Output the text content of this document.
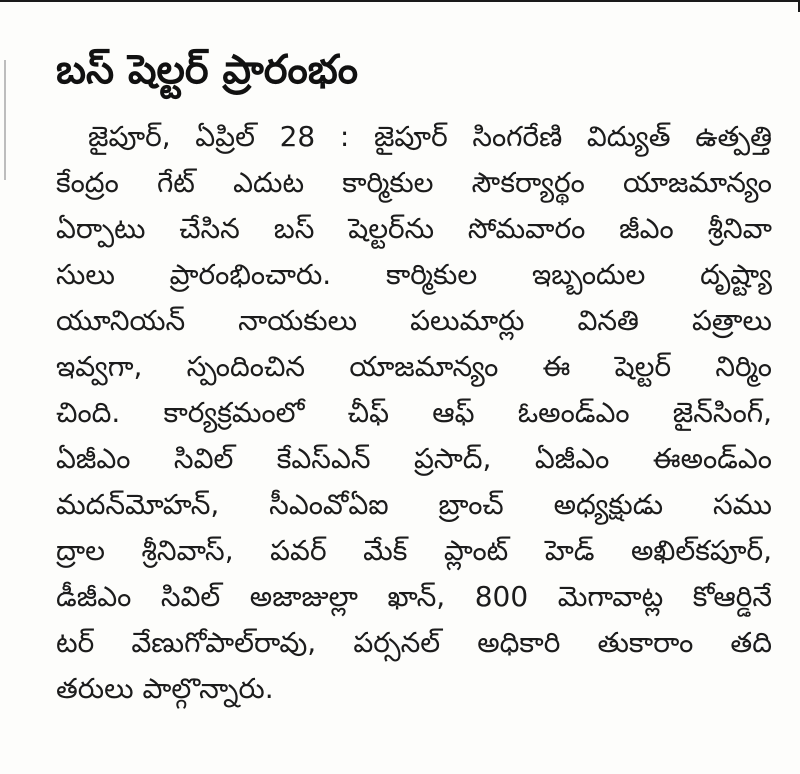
బస్ షెల్టర్ ప్రారంభం
జైపూర్, ఏప్రిల్ 28 : జైపూర్ సింగరేణి విద్యుత్ ఉత్పత్తి
కేంద్రం గేట్ ఎదుట కార్మికుల సౌకర్యార్థం యాజమాన్యం
ఏర్పాటు చేసిన బస్ షెల్టర్‌ను సోమవారం జీఎం శ్రీనివా
సులు ప్రారంభించారు. కార్మికుల ఇబ్బందుల దృష్ట్యా
యూనియన్ నాయకులు పలుమార్లు వినతి పత్రాలు
ఇవ్వగా, స్పందించిన యాజమాన్యం ఈ షెల్టర్ నిర్మిం
చింది. కార్యక్రమంలో చీఫ్ ఆఫ్ ఓఅండ్ఎం జైన్‌సింగ్,
ఏజీఎం సివిల్ కేఎస్ఎన్ ప్రసాద్, ఏజీఎం ఈఅండ్ఎం
మదన్‌మోహన్, సీఎంవోఏఐ బ్రాంచ్ అధ్యక్షుడు సము
ద్రాల శ్రీనివాస్, పవర్ మేక్ ప్లాంట్ హెడ్ అఖిల్‌కపూర్,
డీజీఎం సివిల్ అజాజుల్లా ఖాన్, 800 మెగావాట్ల కోఆర్డినే
టర్ వేణుగోపాల్‌రావు, పర్సనల్ అధికారి తుకారాం తది
తరులు పాల్గొన్నారు.
